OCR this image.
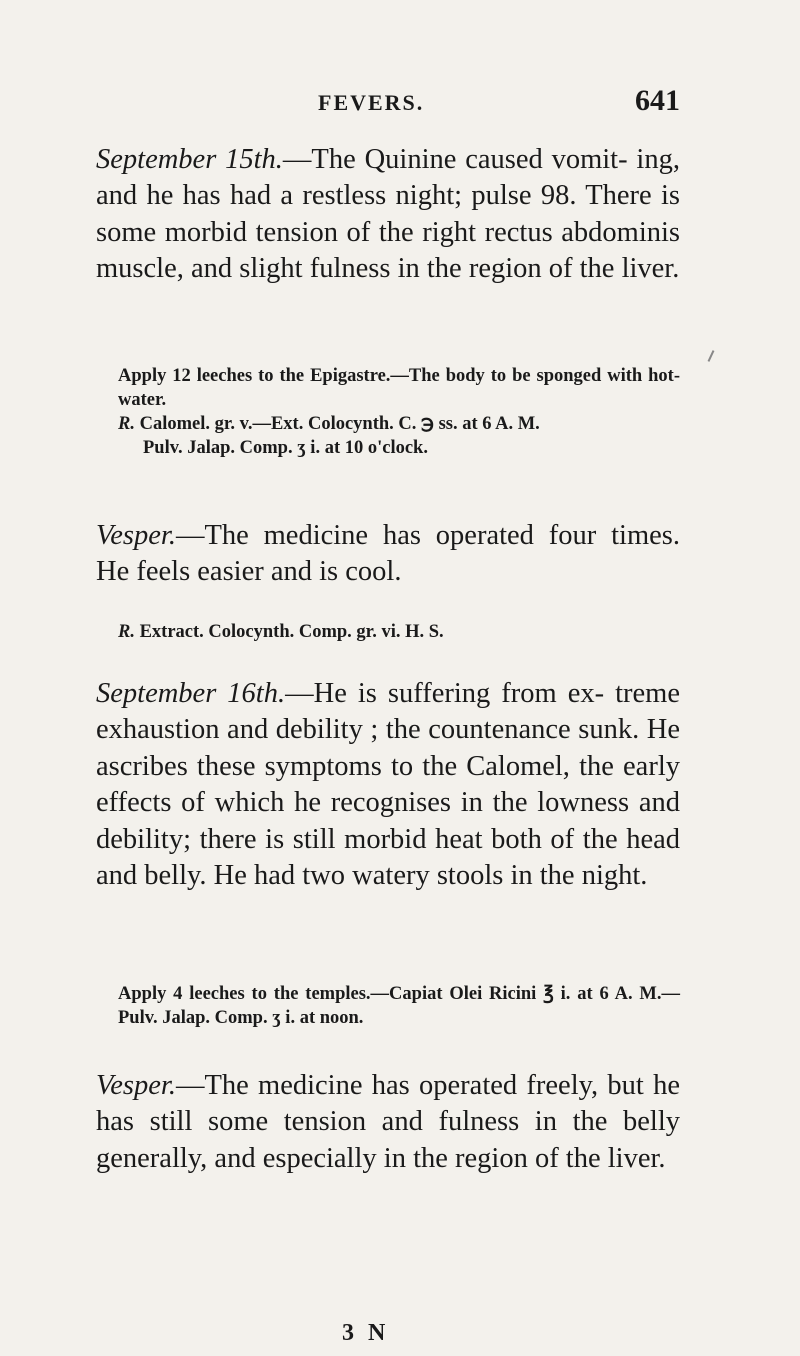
FEVERS.	641
September 15th.—The Quinine caused vomit- ing, and he has had a restless night; pulse 98. There is some morbid tension of the right rectus abdominis muscle, and slight fulness in the region of the liver.
Apply 12 leeches to the Epigastre.—The body to be sponged with hot-water.
R. Calomel. gr. v.—Ext. Colocynth. C. ℈ ss. at 6 A. M.
Pulv. Jalap. Comp. ʒ i. at 10 o'clock.
Vesper.—The medicine has operated four times. He feels easier and is cool.
R. Extract. Colocynth. Comp. gr. vi. H. S.
September 16th.—He is suffering from ex- treme exhaustion and debility ; the countenance sunk. He ascribes these symptoms to the Calomel, the early effects of which he recognises in the lowness and debility; there is still morbid heat both of the head and belly. He had two watery stools in the night.
Apply 4 leeches to the temples.—Capiat Olei Ricini ℥ i. at 6 A. M.—Pulv. Jalap. Comp. ʒ i. at noon.
Vesper.—The medicine has operated freely, but he has still some tension and fulness in the belly generally, and especially in the region of the liver.
3 N
